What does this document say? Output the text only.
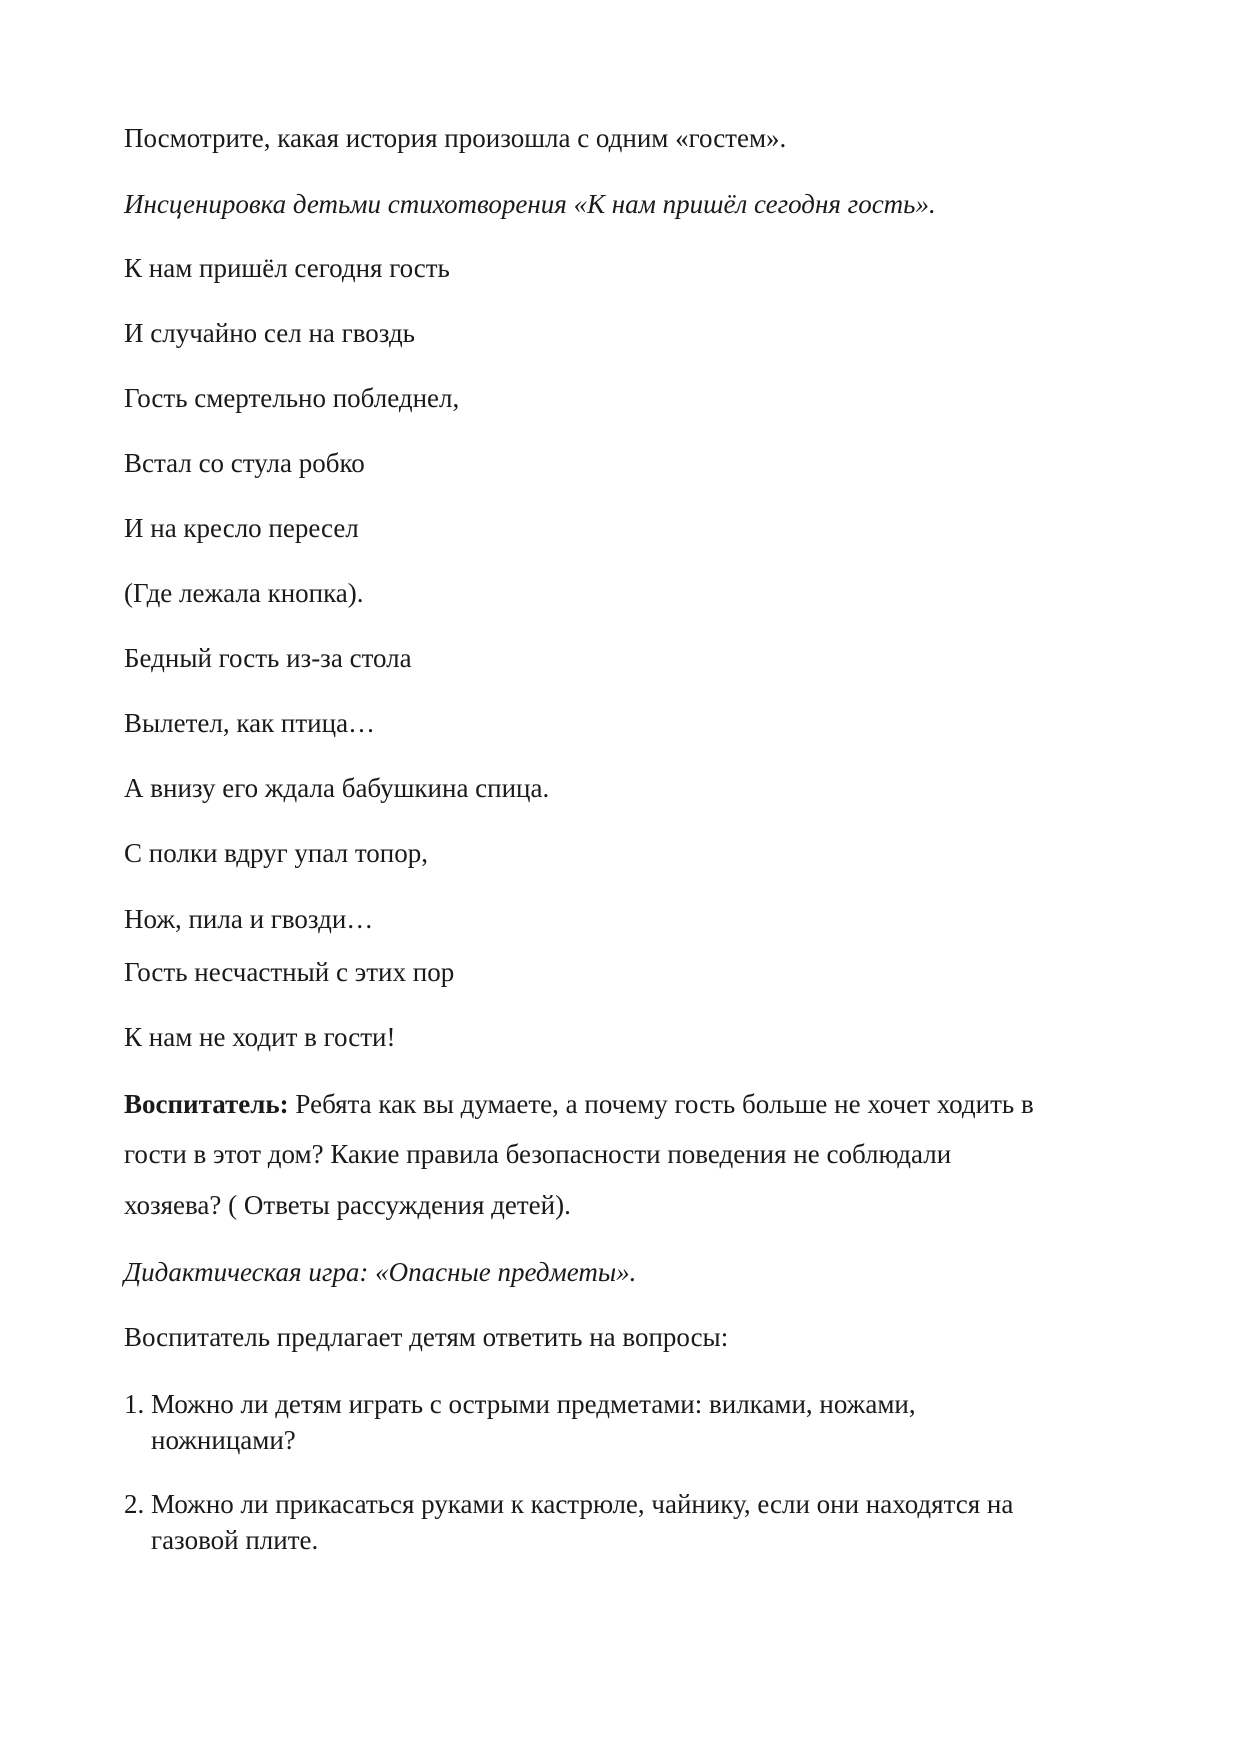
Посмотрите, какая история произошла с одним «гостем».
Инсценировка детьми стихотворения «К нам пришёл сегодня гость».
К нам пришёл сегодня гость
И случайно сел на гвоздь
Гость смертельно побледнел,
Встал со стула робко
И на кресло пересел
(Где лежала кнопка).
Бедный гость из-за стола
Вылетел, как птица…
А внизу его ждала бабушкина спица.
С полки вдруг упал топор,
Нож, пила и гвозди…
Гость несчастный с этих пор
К нам не ходит в гости!
Воспитатель: Ребята как вы думаете, а почему гость больше не хочет ходить в
гости в этот дом? Какие правила безопасности поведения не соблюдали
хозяева? ( Ответы рассуждения детей).
Дидактическая игра: «Опасные предметы».
Воспитатель предлагает детям ответить на вопросы:
1. Можно ли детям играть с острыми предметами: вилками, ножами,
ножницами?
2. Можно ли прикасаться руками к кастрюле, чайнику, если они находятся на
газовой плите.
